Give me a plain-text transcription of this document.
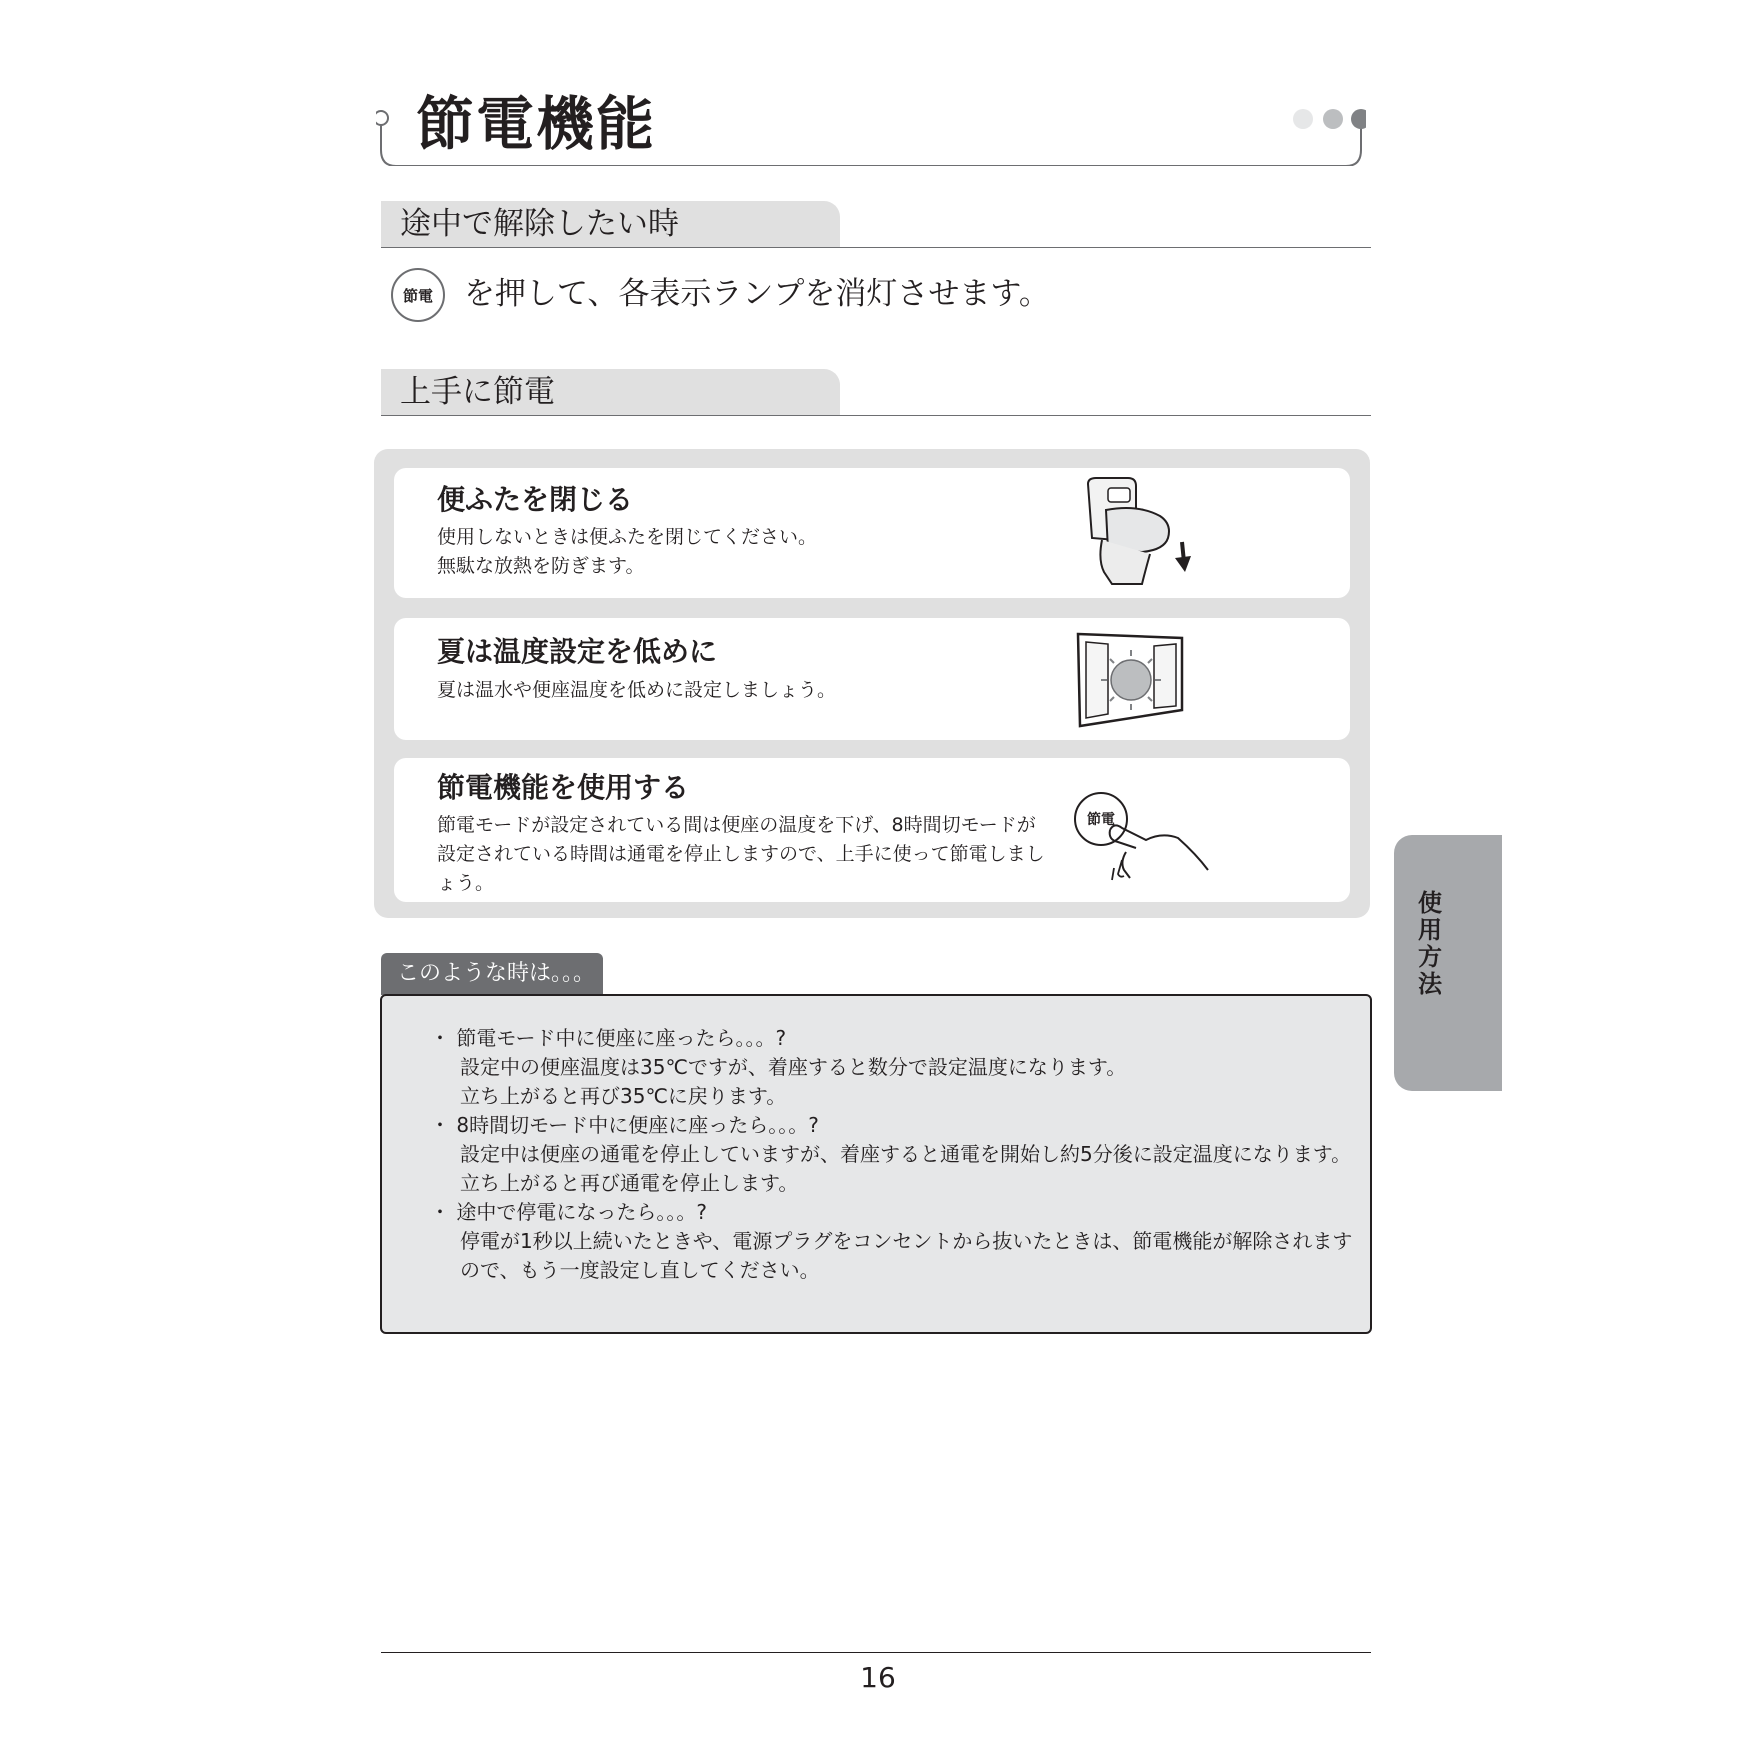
節電機能
途中で解除したい時
節電 を押して、各表示ランプを消灯させます。
上手に節電
便ふたを閉じる
使用しないときは便ふたを閉じてください。
無駄な放熱を防ぎます。
夏は温度設定を低めに
夏は温水や便座温度を低めに設定しましょう。
節電機能を使用する
節電モードが設定されている間は便座の温度を下げ、8時間切モードが
設定されている時間は通電を停止しますので、上手に使って節電しまし
ょう。
節電
このような時は。。。
・ 節電モード中に便座に座ったら。。。?
設定中の便座温度は35℃ですが、着座すると数分で設定温度になります。
立ち上がると再び35℃に戻ります。
・ 8時間切モード中に便座に座ったら。。。?
設定中は便座の通電を停止していますが、着座すると通電を開始し約5分後に設定温度になります。
立ち上がると再び通電を停止します。
・ 途中で停電になったら。。。?
停電が1秒以上続いたときや、電源プラグをコンセントから抜いたときは、節電機能が解除されます
ので、もう一度設定し直してください。
使
用
方
法
16
